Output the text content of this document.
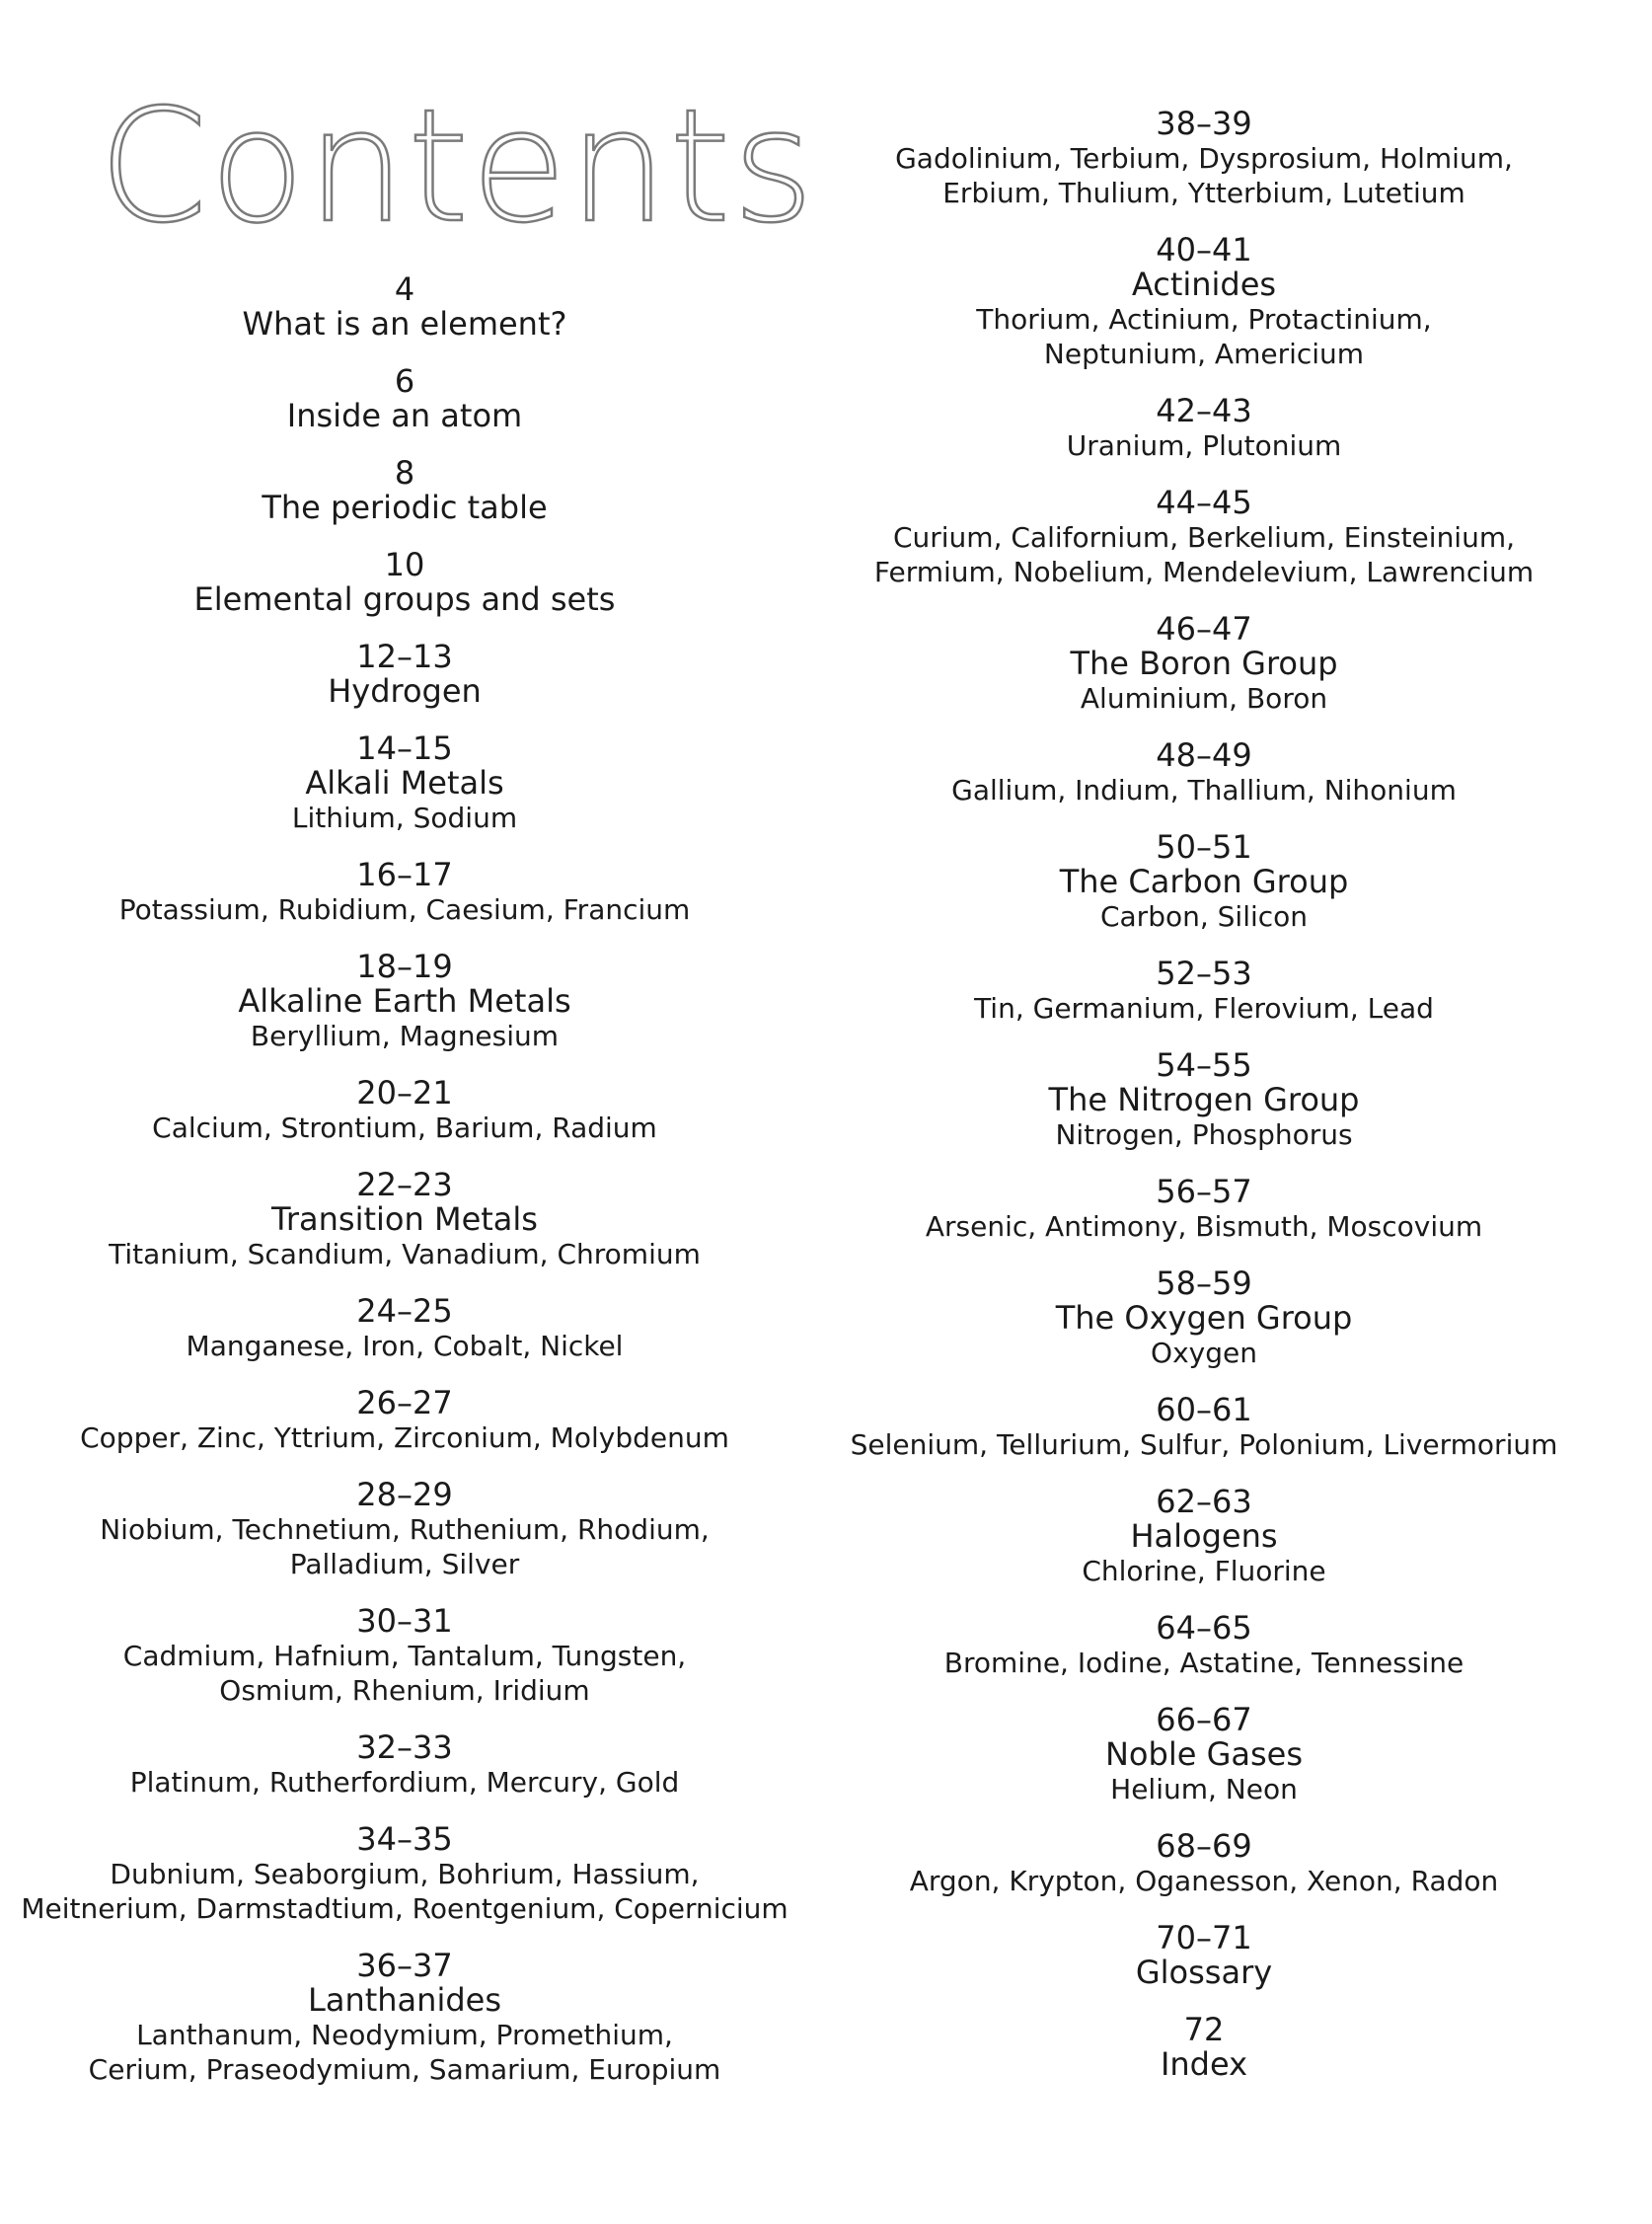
Contents
4
What is an element?
6
Inside an atom
8
The periodic table
10
Elemental groups and sets
12–13
Hydrogen
14–15
Alkali Metals
Lithium, Sodium
16–17
Potassium, Rubidium, Caesium, Francium
18–19
Alkaline Earth Metals
Beryllium, Magnesium
20–21
Calcium, Strontium, Barium, Radium
22–23
Transition Metals
Titanium, Scandium, Vanadium, Chromium
24–25
Manganese, Iron, Cobalt, Nickel
26–27
Copper, Zinc, Yttrium, Zirconium, Molybdenum
28–29
Niobium, Technetium, Ruthenium, Rhodium,
Palladium, Silver
30–31
Cadmium, Hafnium, Tantalum, Tungsten,
Osmium, Rhenium, Iridium
32–33
Platinum, Rutherfordium, Mercury, Gold
34–35
Dubnium, Seaborgium, Bohrium, Hassium,
Meitnerium, Darmstadtium, Roentgenium, Copernicium
36–37
Lanthanides
Lanthanum, Neodymium, Promethium,
Cerium, Praseodymium, Samarium, Europium
38–39
Gadolinium, Terbium, Dysprosium, Holmium,
Erbium, Thulium, Ytterbium, Lutetium
40–41
Actinides
Thorium, Actinium, Protactinium,
Neptunium, Americium
42–43
Uranium, Plutonium
44–45
Curium, Californium, Berkelium, Einsteinium,
Fermium, Nobelium, Mendelevium, Lawrencium
46–47
The Boron Group
Aluminium, Boron
48–49
Gallium, Indium, Thallium, Nihonium
50–51
The Carbon Group
Carbon, Silicon
52–53
Tin, Germanium, Flerovium, Lead
54–55
The Nitrogen Group
Nitrogen, Phosphorus
56–57
Arsenic, Antimony, Bismuth, Moscovium
58–59
The Oxygen Group
Oxygen
60–61
Selenium, Tellurium, Sulfur, Polonium, Livermorium
62–63
Halogens
Chlorine, Fluorine
64–65
Bromine, Iodine, Astatine, Tennessine
66–67
Noble Gases
Helium, Neon
68–69
Argon, Krypton, Oganesson, Xenon, Radon
70–71
Glossary
72
Index
